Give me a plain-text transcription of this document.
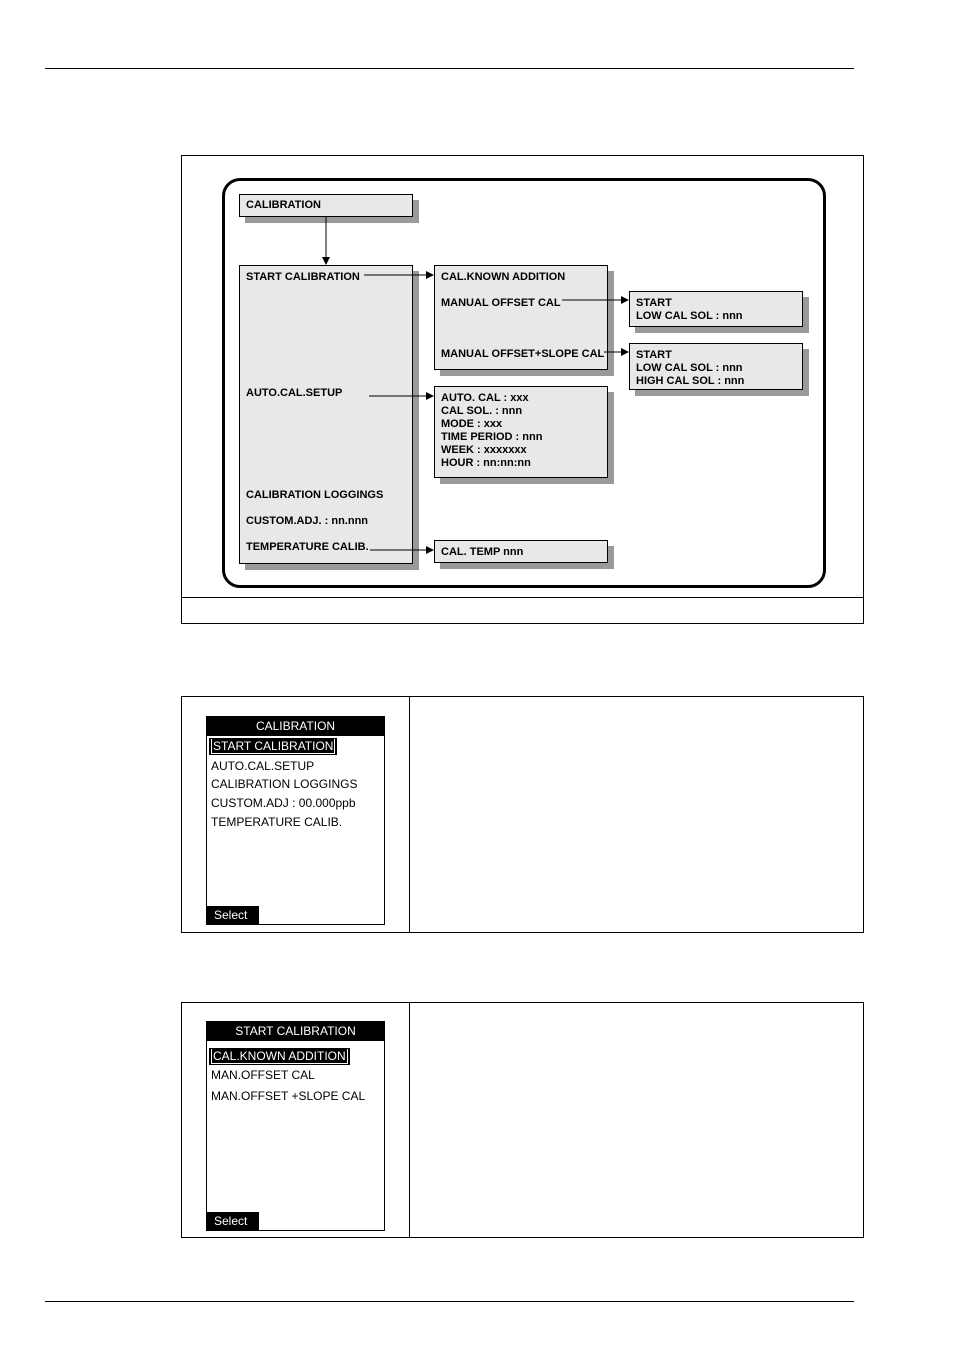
CALIBRATION
START CALIBRATION
AUTO.CAL.SETUP
CALIBRATION LOGGINGS
CUSTOM.ADJ. : nn.nnn
TEMPERATURE CALIB.
CAL.KNOWN ADDITION
MANUAL OFFSET CAL
MANUAL OFFSET+SLOPE CAL
START
LOW CAL SOL : nnn
START
LOW CAL SOL : nnn
HIGH CAL SOL : nnn
AUTO. CAL : xxx
CAL SOL. : nnn
MODE : xxx
TIME PERIOD : nnn
WEEK : xxxxxxx
HOUR : nn:nn:nn
CAL. TEMP nnn
CALIBRATION
START CALIBRATION
AUTO.CAL.SETUP
CALIBRATION LOGGINGS
CUSTOM.ADJ : 00.000ppb
TEMPERATURE CALIB.
Select
START CALIBRATION
CAL.KNOWN ADDITION
MAN.OFFSET CAL
MAN.OFFSET +SLOPE CAL
Select
